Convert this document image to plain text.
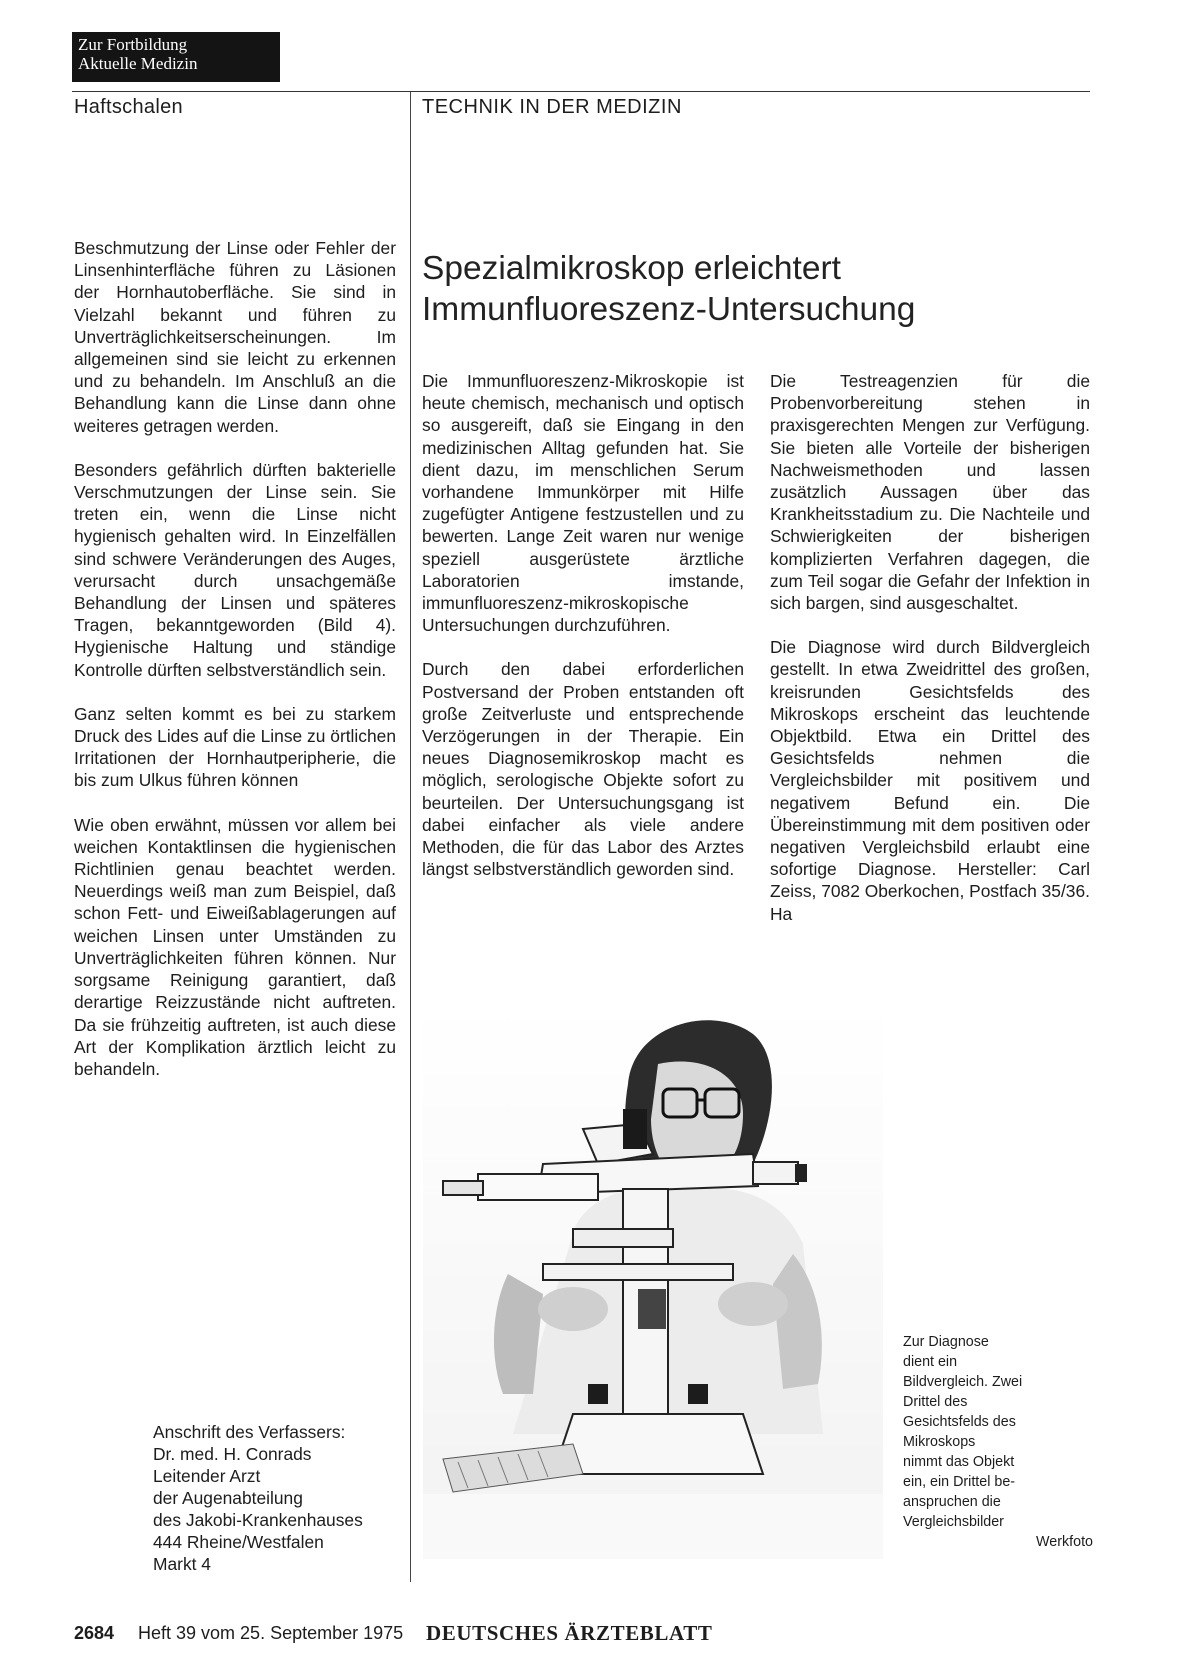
Zur Fortbildung
Aktuelle Medizin
Haftschalen	TECHNIK IN DER MEDIZIN

Beschmutzung der Linse oder Fehler der Linsenhinterfläche führen zu Läsionen der Hornhautoberfläche. Sie sind in Vielzahl bekannt und führen zu Unverträglichkeitserscheinungen. Im allgemeinen sind sie leicht zu erkennen und zu behandeln. Im Anschluß an die Behandlung kann die Linse dann ohne weiteres getragen werden.

Besonders gefährlich dürften bakterielle Verschmutzungen der Linse sein. Sie treten ein, wenn die Linse nicht hygienisch gehalten wird. In Einzelfällen sind schwere Veränderungen des Auges, verursacht durch unsachgemäße Behandlung der Linsen und späteres Tragen, bekanntgeworden (Bild 4). Hygienische Haltung und ständige Kontrolle dürften selbstverständlich sein.

Ganz selten kommt es bei zu starkem Druck des Lides auf die Linse zu örtlichen Irritationen der Hornhautperipherie, die bis zum Ulkus führen können

Wie oben erwähnt, müssen vor allem bei weichen Kontaktlinsen die hygienischen Richtlinien genau beachtet werden. Neuerdings weiß man zum Beispiel, daß schon Fett- und Eiweißablagerungen auf weichen Linsen unter Umständen zu Unverträglichkeiten führen können. Nur sorgsame Reinigung garantiert, daß derartige Reizzustände nicht auftreten. Da sie frühzeitig auftreten, ist auch diese Art der Komplikation ärztlich leicht zu behandeln.

Anschrift des Verfassers:
Dr. med. H. Conrads
Leitender Arzt
der Augenabteilung
des Jakobi-Krankenhauses
444 Rheine/Westfalen
Markt 4
Spezialmikroskop erleichtert
Immunfluoreszenz-Untersuchung

Die Immunfluoreszenz-Mikroskopie ist heute chemisch, mechanisch und optisch so ausgereift, daß sie Eingang in den medizinischen Alltag gefunden hat. Sie dient dazu, im menschlichen Serum vorhandene Immunkörper mit Hilfe zugefügter Antigene festzustellen und zu bewerten. Lange Zeit waren nur wenige speziell ausgerüstete ärztliche Laboratorien imstande, immunfluoreszenz-mikroskopische Untersuchungen durchzuführen.

Durch den dabei erforderlichen Postversand der Proben entstanden oft große Zeitverluste und entsprechende Verzögerungen in der Therapie. Ein neues Diagnosemikroskop macht es möglich, serologische Objekte sofort zu beurteilen. Der Untersuchungsgang ist dabei einfacher als viele andere Methoden, die für das Labor des Arztes längst selbstverständlich geworden sind.

Die Testreagenzien für die Probenvorbereitung stehen in praxisgerechten Mengen zur Verfügung. Sie bieten alle Vorteile der bisherigen Nachweismethoden und lassen zusätzlich Aussagen über das Krankheitsstadium zu. Die Nachteile und Schwierigkeiten der bisherigen komplizierten Verfahren dagegen, die zum Teil sogar die Gefahr der Infektion in sich bargen, sind ausgeschaltet.

Die Diagnose wird durch Bildvergleich gestellt. In etwa Zweidrittel des großen, kreisrunden Gesichtsfelds des Mikroskops erscheint das leuchtende Objektbild. Etwa ein Drittel des Gesichtsfelds nehmen die Vergleichsbilder mit positivem und negativem Befund ein. Die Übereinstimmung mit dem positiven oder negativen Vergleichsbild erlaubt eine sofortige Diagnose. Hersteller: Carl Zeiss, 7082 Oberkochen, Postfach 35/36.      Ha

Zur Diagnose
dient ein
Bildvergleich. Zwei
Drittel des
Gesichtsfelds des
Mikroskops
nimmt das Objekt
ein, ein Drittel be-
anspruchen die
Vergleichsbilder
Werkfoto
2684 Heft 39 vom 25. September 1975 DEUTSCHES ÄRZTEBLATT
